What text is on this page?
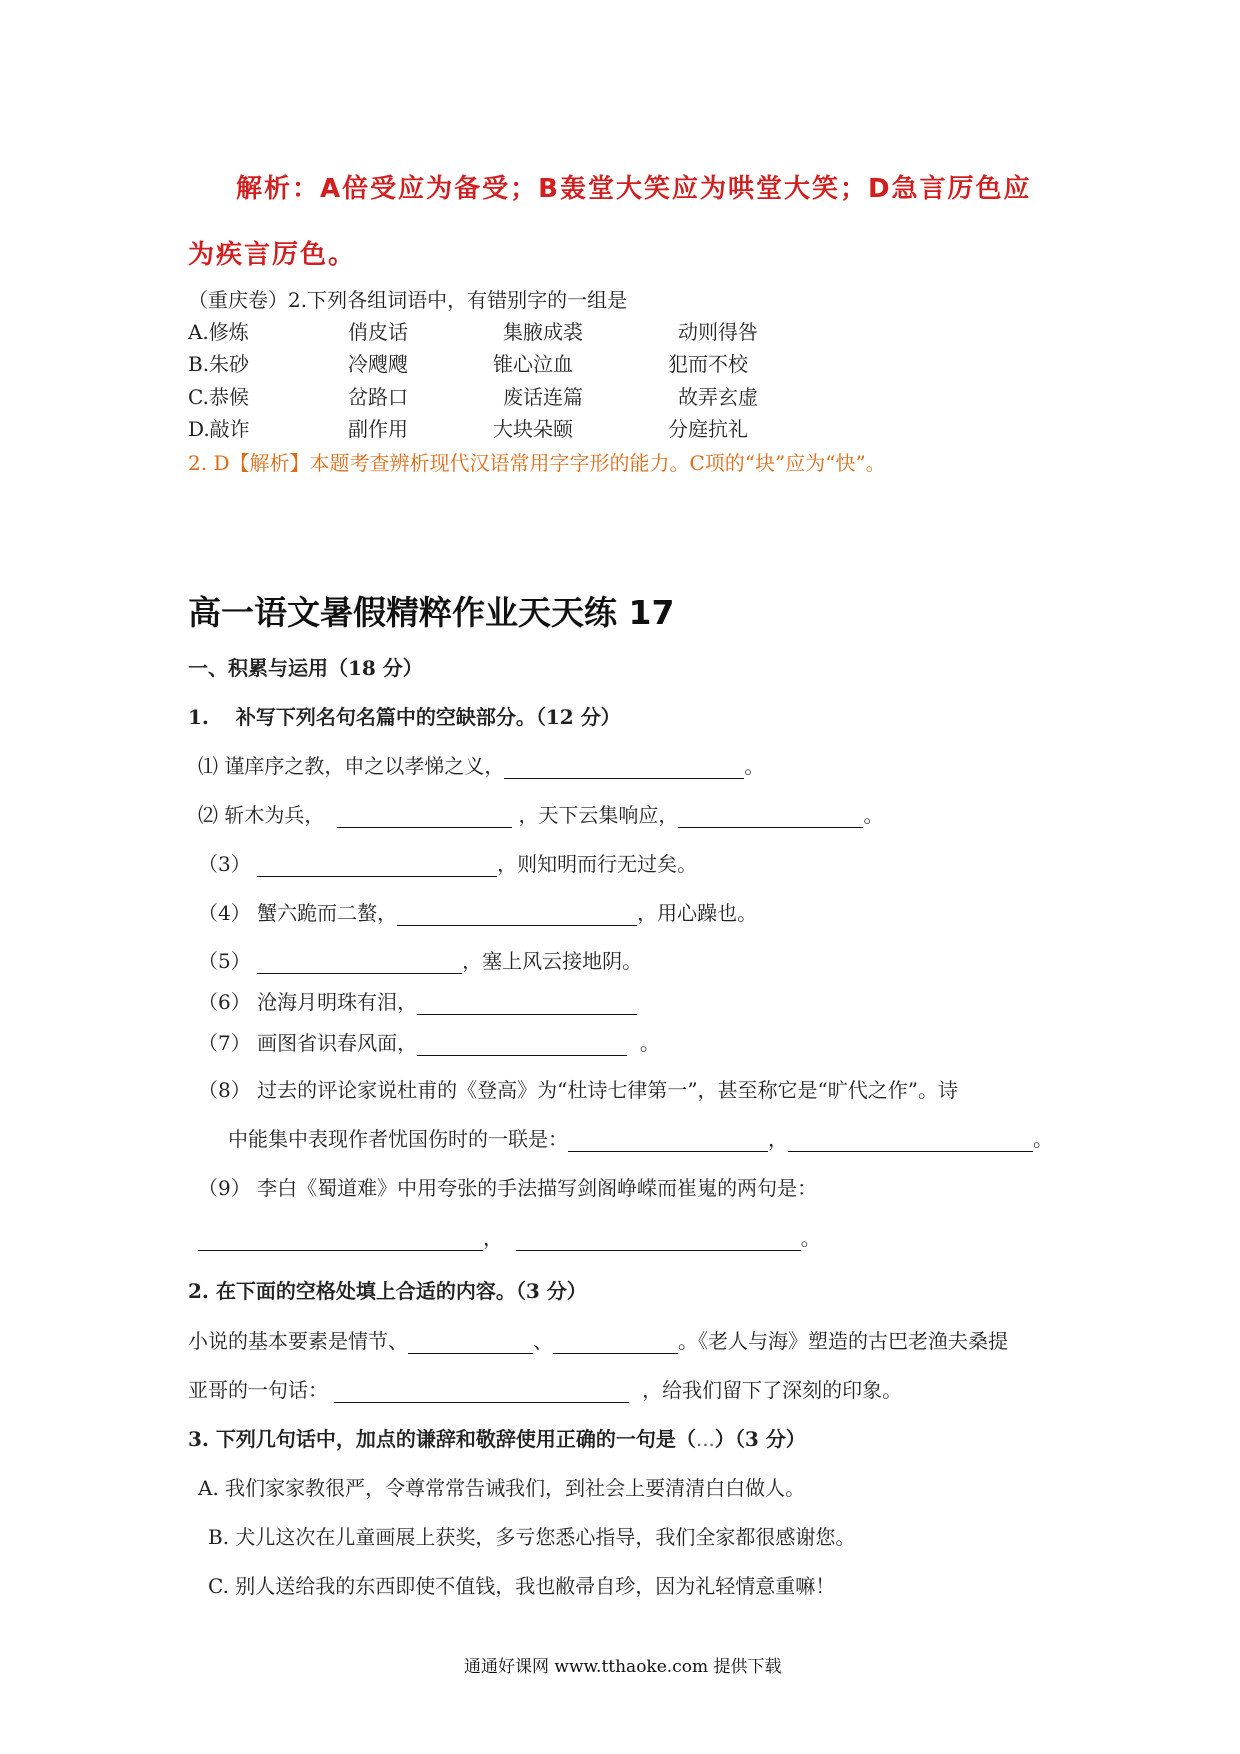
解析：A倍受应为备受；B轰堂大笑应为哄堂大笑；D急言厉色应
为疾言厉色。
（重庆卷）2.下列各组词语中，有错别字的一组是
A.修炼	俏皮话	集腋成裘	动则得咎
B.朱砂	冷飕飕	锥心泣血	犯而不校
C.恭候	岔路口	废话连篇	故弄玄虚
D.敲诈	副作用	大块朵颐	分庭抗礼
2. D【解析】本题考查辨析现代汉语常用字字形的能力。C项的“块”应为“快”。
高一语文暑假精粹作业天天练 17
一、积累与运用（18 分）
1.　 补写下列名句名篇中的空缺部分。（12 分）
⑴ 谨庠序之教，申之以孝悌之义，	。
⑵ 斩木为兵，	，天下云集响应，	。
（3）	，则知明而行无过矣。
（4） 蟹六跪而二螯，	，用心躁也。
（5）	，塞上风云接地阴。
（6） 沧海月明珠有泪，
（7） 画图省识春风面，	。
（8） 过去的评论家说杜甫的《登高》为“杜诗七律第一”，甚至称它是“旷代之作”。诗
中能集中表现作者忧国伤时的一联是：	，	。
（9） 李白《蜀道难》中用夸张的手法描写剑阁峥嵘而崔嵬的两句是：
，	。
2. 在下面的空格处填上合适的内容。（3 分）
小说的基本要素是情节、	、	。《老人与海》塑造的古巴老渔夫桑提
亚哥的一句话：	，给我们留下了深刻的印象。
3. 下列几句话中，加点的谦辞和敬辞使用正确的一句是（...）（3 分）
A. 我们家家教很严，令尊常常告诫我们，到社会上要清清白白做人。
B. 犬儿这次在儿童画展上获奖，多亏您悉心指导，我们全家都很感谢您。
C. 别人送给我的东西即使不值钱，我也敝帚自珍，因为礼轻情意重嘛！
通通好课网 www.tthaoke.com 提供下载
